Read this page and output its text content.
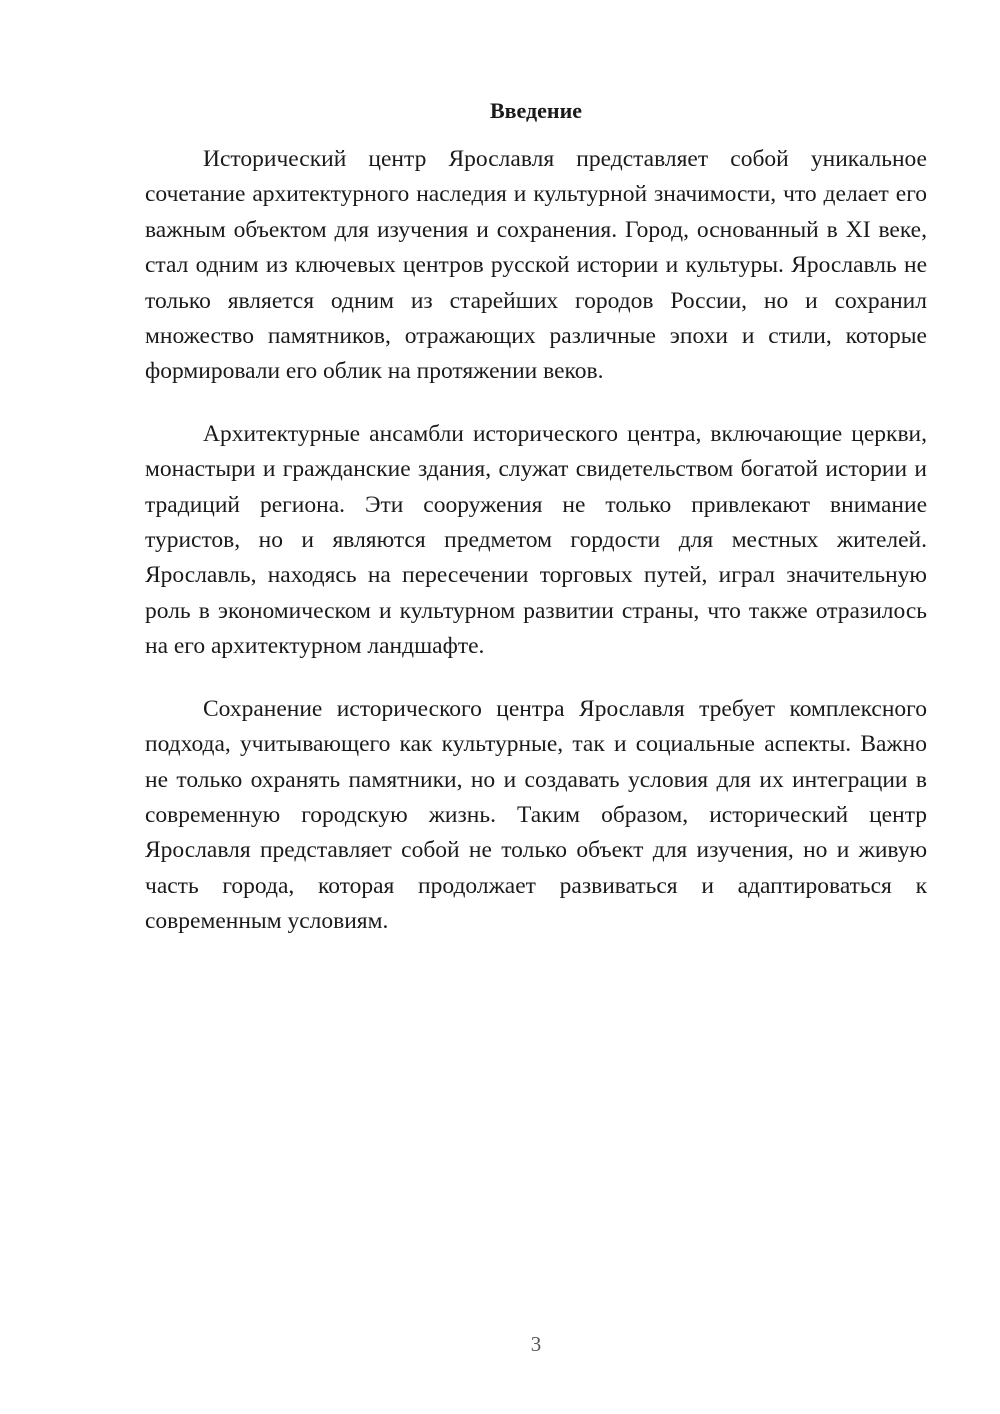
Введение

Исторический центр Ярославля представляет собой уникальное сочетание архитектурного наследия и культурной значимости, что делает его важным объектом для изучения и сохранения. Город, основанный в XI веке, стал одним из ключевых центров русской истории и культуры. Ярославль не только является одним из старейших городов России, но и сохранил множество памятников, отражающих различные эпохи и стили, которые формировали его облик на протяжении веков.

Архитектурные ансамбли исторического центра, включающие церкви, монастыри и гражданские здания, служат свидетельством богатой истории и традиций региона. Эти сооружения не только привлекают внимание туристов, но и являются предметом гордости для местных жителей. Ярославль, находясь на пересечении торговых путей, играл значительную роль в экономическом и культурном развитии страны, что также отразилось на его архитектурном ландшафте.

Сохранение исторического центра Ярославля требует комплексного подхода, учитывающего как культурные, так и социальные аспекты. Важно не только охранять памятники, но и создавать условия для их интеграции в современную городскую жизнь. Таким образом, исторический центр Ярославля представляет собой не только объект для изучения, но и живую часть города, которая продолжает развиваться и адаптироваться к современным условиям.

3
